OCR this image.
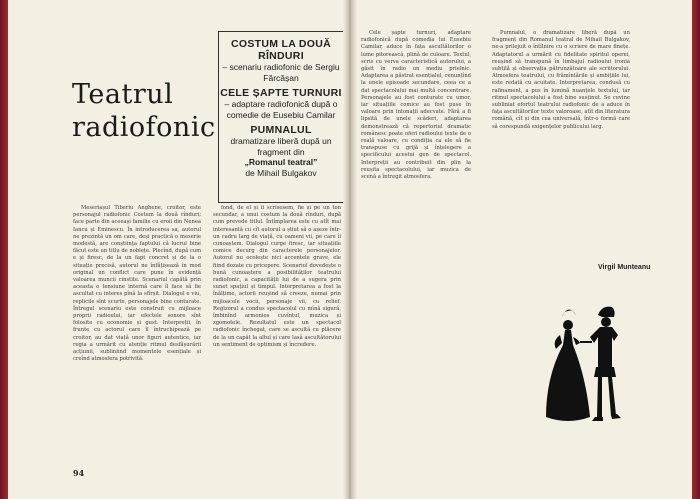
Teatrul
radiofonic
COSTUM LA DOUĂ
RÎNDURI
– scenariu radiofonic de Sergiu Fărcășan
CELE ȘAPTE TURNURI
– adaptare radiofonică după o comedie de Eusebiu Camilar
PUMNALUL
dramatizare liberă după un fragment din
„Romanul teatral”
de Mihail Bulgakov

Meseriașul Tiberiu Anghene, croitor, este personajul radiofonic Costum la două rînduri; face parte din aceeași familie cu eroii din Nenea Iancu și Eminescu. În introducerea sa, autorul ne prezintă un om care, deși practică o meserie modestă, are conștiința faptului că lucrul bine făcut este un titlu de noblețe. Plecînd, după cum e și firesc, de la un fapt concret și de la o situație precisă, autorul ne înfățișează în mod original un conflict care pune în evidență valoarea muncii cinstite. Scenariul capătă prin aceasta o tensiune internă care îl face să fie ascultat cu interes pînă la sfîrșit. Dialogul e viu, replicile sînt scurte, personajele bine conturate. Întregul scenariu este construit cu mijloace proprii radioului, iar efectele sonore sînt folosite cu economie și gust. Interpreții, în frunte cu actorul care îl întruchipează pe croitor, au dat viață unor figuri autentice, iar regia a urmărit cu atenție ritmul desfășurării acțiunii, subliniind momentele esențiale și creînd atmosfera potrivită.

fond, de el și îi scrisesem, fie și pe un ton secundar, a unui costum la două rînduri, după cum prevede titlul. Întîmplarea este cu atît mai interesantă cu cît autorul a știut să o așeze într-un cadru larg de viață, cu oameni vii, pe care îi cunoaștem. Dialogul curge firesc, iar situațiile comice decurg din caracterele personajelor. Autorul nu ocolește nici accentele grave, ele fiind dozate cu pricepere. Scenariul dovedește o bună cunoaștere a posibilităților teatrului radiofonic, a capacității lui de a sugera prin sunet spațiul și timpul. Interpretarea a fost la înălțime, actorii reușind să creeze, numai prin mijloacele vocii, personaje vii, cu relief. Regizorul a condus spectacolul cu mînă sigură, îmbinînd armonios cuvîntul, muzica și zgomotele. Rezultatul este un spectacol radiofonic închegat, care se ascultă cu plăcere de la un capăt la altul și care lasă ascultătorului un sentiment de optimism și încredere.

Cele șapte turnuri, adaptare radiofonică după comedia lui Eusebiu Camilar, aduce în fața ascultătorilor o lume pitorească, plină de culoare. Textul, scris cu verva caracteristică autorului, a găsit în radio un mediu prielnic. Adaptarea a păstrat esențialul, renunțînd la unele episoade secundare, ceea ce a dat spectacolului mai multă concentrare. Personajele au fost conturate cu umor, iar situațiile comice au fost puse în valoare prin intonații adecvate. Fără a fi lipsită de unele scăderi, adaptarea demonstrează că repertoriul dramatic românesc poate oferi radioului texte de o reală valoare, cu condiția ca ele să fie transpuse cu grijă și înțelegere a specificului acestui gen de spectacol. Interpreții au contribuit din plin la reușita spectacolului, iar muzica de scenă a întregit atmosfera.

Pumnalul, o dramatizare liberă după un fragment din Romanul teatral de Mihail Bulgakov, ne-a prilejuit o întîlnire cu o scriere de mare finețe. Adaptatorul a urmărit cu fidelitate spiritul operei, reușind să transpună în limbajul radioului ironia subtilă și observația pătrunzătoare ale scriitorului. Atmosfera teatrului, cu frămîntările și ambițiile lui, este redată cu acuitate. Interpretarea, condusă cu rafinament, a pus în lumină nuanțele textului, iar ritmul spectacolului a fost bine susținut. Se cuvine subliniat efortul teatrului radiofonic de a aduce în fața ascultătorilor texte valoroase, atît din literatura română, cît și din cea universală, într-o formă care să corespundă exigențelor publicului larg.

Virgil Munteanu
94
